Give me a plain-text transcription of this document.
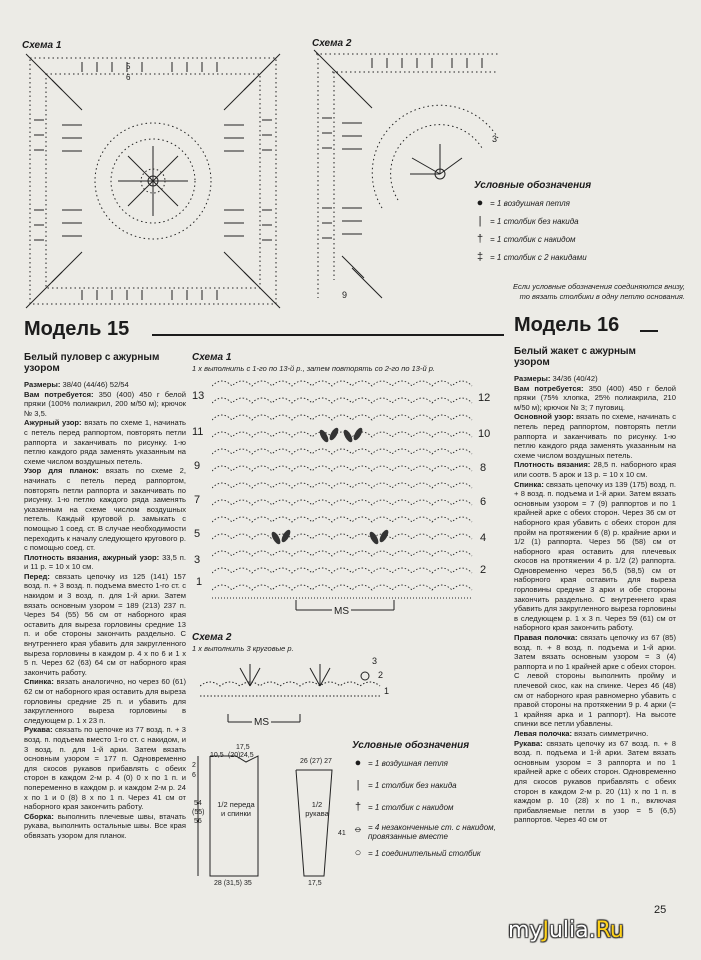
Схема 1
5
6
Схема 2
3
9
Условные обозначения
● = 1 воздушная петля
|	= 1 столбик без накида
† = 1 столбик с накидом
‡ = 1 столбик с 2 накидами
Если условные обозначения соединяются внизу,
то вязать столбики в одну петлю основания.
Модель 15	Модель 16
Белый пуловер с ажурным
узором

Размеры: 38/40 (44/46) 52/54

Вам потребуется: 350 (400) 450 г белой пряжи (100% полиакрил, 200 м/50 м); крючок № 3,5.

Ажурный узор: вязать по схеме 1, начинать с петель перед раппортом, повторять петли раппорта и заканчивать по рисунку. 1-ю петлю каждого ряда заменять указанным на схеме числом воздушных петель.

Узор для планок: вязать по схеме 2, начинать с петель перед раппортом, повторять петли раппорта и заканчивать по рисунку. 1-ю петлю каждого ряда заменять указанным на схеме числом воздушных петель. Каждый круговой р. замыкать с помощью 1 соед. ст. В случае необходимости переходить к началу следующего кругового р. с помощью соед. ст.

Плотность вязания, ажурный узор: 33,5 п. и 11 р. = 10 х 10 см.

Перед: связать цепочку из 125 (141) 157 возд. п. + 3 возд. п. подъема вместо 1-го ст. с накидом и 3 возд. п. для 1-й арки. Затем вязать основным узором = 189 (213) 237 п. Через 54 (55) 56 см от наборного края оставить для выреза горловины средние 13 п. и обе стороны закончить раздельно. С внутреннего края убавить для закругленного выреза горловины в каждом р. 4 х по 6 и 1 х 5 п. Через 62 (63) 64 см от наборного края закончить работу.

Спинка: вязать аналогично, но через 60 (61) 62 см от наборного края оставить для выреза горловины средние 25 п. и убавить для закругленного выреза горловины в следующем р. 1 х 23 п.

Рукава: связать по цепочке из 77 возд. п. + 3 возд. п. подъема вместо 1-го ст. с накидом, и 3 возд. п. для 1-й арки. Затем вязать основным узором = 177 п. Одновременно для скосов рукавов прибавлять с обеих сторон в каждом 2-м р. 4 (0) 0 х по 1 п. и попеременно в каждом р. и каждом 2-м р. 24 х по 1 и 0 (8) 8 х по 1 п. Через 41 см от наборного края закончить работу.

Сборка: выполнить плечевые швы, втачать рукава, выполнить остальные швы. Все края обвязать узором для планок.

Схема 1
1 х выполнить с 1-го по 13-й р., затем повторять со 2-го по 13-й р.
13
11
9
7
5
3
1
12
10
8
6
4
2
MS
Схема 2
1 х выполнить 3 круговые р.
3
2
1
MS
17,5
10,5 (20) 24,5
2
6
54
(55)
56
1/2 переда
и спинки
28 (31,5) 35
26 (27) 27
1/2
рукава
41
17,5
Условные обозначения
● = 1 воздушная петля
|	= 1 столбик без накида
† = 1 столбик с накидом
⦵ = 4 незаконченные ст. с накидом, провязанные вместе
○ = 1 соединительный столбик
Белый жакет с ажурным
узором

Размеры: 34/36 (40/42)

Вам потребуется: 350 (400) 450 г белой пряжи (75% хлопка, 25% полиакрила, 210 м/50 м); крючок № 3; 7 пуговиц.

Основной узор: вязать по схеме, начинать с петель перед раппортом, повторять петли раппорта и заканчивать по рисунку. 1-ю петлю каждого ряда заменять указанным на схеме числом воздушных петель.

Плотность вязания: 28,5 п. наборного края или соотв. 5 арок и 13 р. = 10 х 10 см.

Спинка: связать цепочку из 139 (175) возд. п. + 8 возд. п. подъема и 1-й арки. Затем вязать основным узором = 7 (9) раппортов и по 1 крайней арке с обеих сторон. Через 36 см от наборного края убавить с обеих сторон для пройм на протяжении 6 (8) р. крайние арки и 1/2 (1) раппорта. Через 56 (58) см от наборного края оставить для плечевых скосов на протяжении 4 р. 1/2 (2) раппорта. Одновременно через 56,5 (58,5) см от наборного края оставить для выреза горловины средние 3 арки и обе стороны закончить раздельно. С внутреннего края убавить для закругленного выреза горловины в следующем р. 1 х 3 п. Через 59 (61) см от наборного края закончить работу.

Правая полочка: связать цепочку из 67 (85) возд. п. + 8 возд. п. подъема и 1-й арки. Затем вязать основным узором = 3 (4) раппорта и по 1 крайней арке с обеих сторон. С левой стороны выполнить пройму и плечевой скос, как на спинке. Через 46 (48) см от наборного края равномерно убавить с правой стороны на протяжении 9 р. 4 арки (= 1 крайняя арка и 1 раппорт). На высоте спинки все петли убавлены.

Левая полочка: вязать симметрично.

Рукава: связать цепочку из 67 возд. п. + 8 возд. п. подъема и 1-й арки. Затем вязать основным узором = 3 раппорта и по 1 крайней арке с обеих сторон. Одновременно для скосов рукавов прибавлять с обеих сторон в каждом 2-м р. 20 (11) х по 1 п. в каждом р. 10 (28) х по 1 п., включая прибавляемые петли в узор = 5 (6,5) раппортов. Через 40 см от

25
myJulia.Ru
